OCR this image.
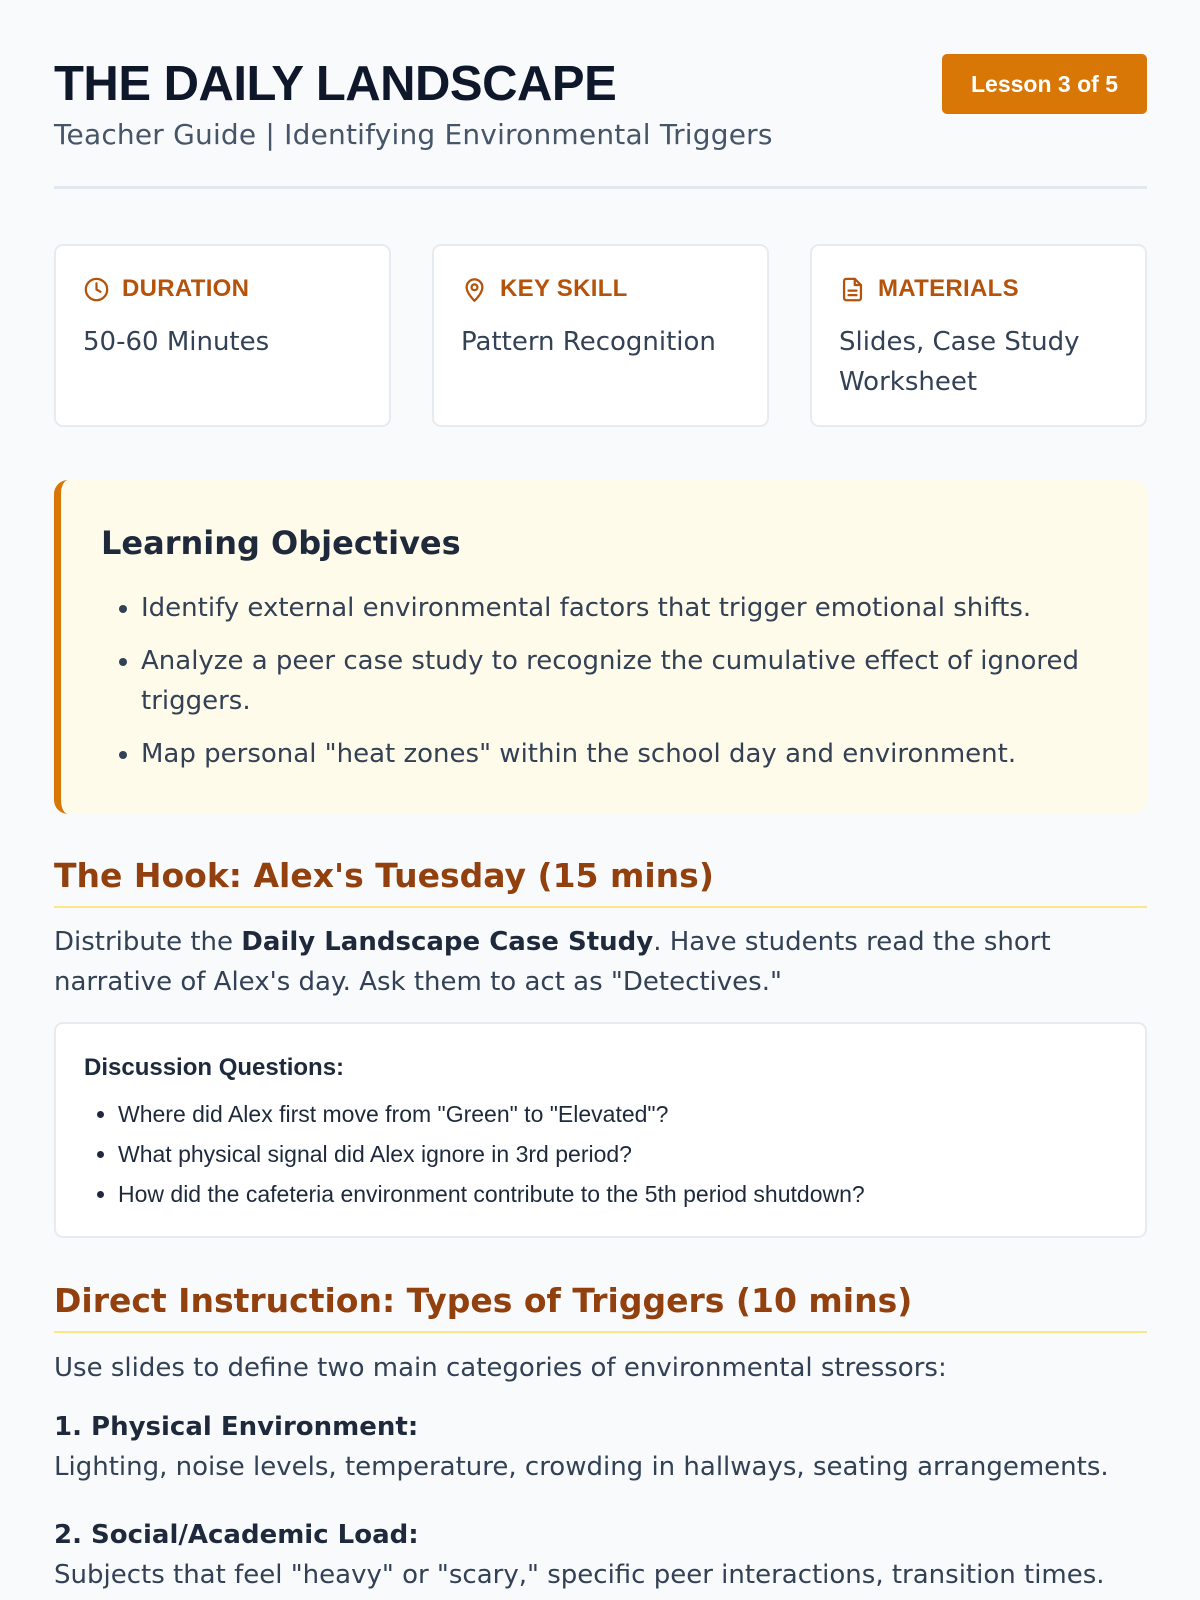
THE DAILY LANDSCAPE
Teacher Guide | Identifying Environmental Triggers
Lesson 3 of 5
DURATION
50-60 Minutes
KEY SKILL
Pattern Recognition
MATERIALS
Slides, Case Study Worksheet
Learning Objectives
• Identify external environmental factors that trigger emotional shifts.
• Analyze a peer case study to recognize the cumulative effect of ignored triggers.
• Map personal "heat zones" within the school day and environment.
The Hook: Alex's Tuesday (15 mins)
Distribute the Daily Landscape Case Study. Have students read the short narrative of Alex's day. Ask them to act as "Detectives."
Discussion Questions:
• Where did Alex first move from "Green" to "Elevated"?
• What physical signal did Alex ignore in 3rd period?
• How did the cafeteria environment contribute to the 5th period shutdown?
Direct Instruction: Types of Triggers (10 mins)
Use slides to define two main categories of environmental stressors:
1. Physical Environment:
Lighting, noise levels, temperature, crowding in hallways, seating arrangements.
2. Social/Academic Load:
Subjects that feel "heavy" or "scary," specific peer interactions, transition times.
